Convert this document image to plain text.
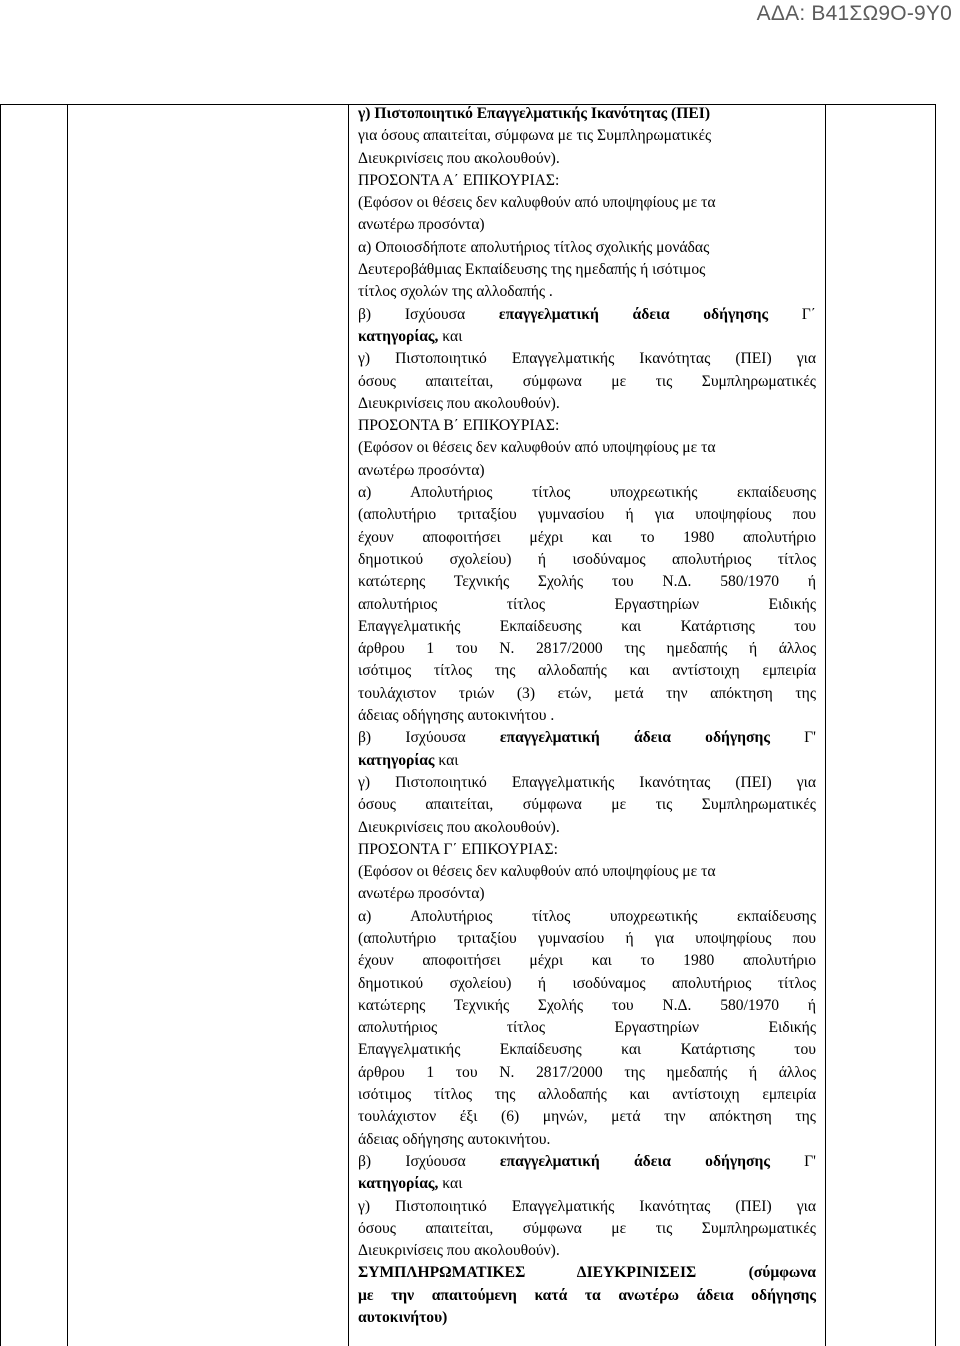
ΑΔΑ: Β41ΣΩ9Ο-9Υ0

γ) Πιστοποιητικό Επαγγελματικής Ικανότητας (ΠΕΙ)

για όσους απαιτείται, σύμφωνα με τις Συμπληρωματικές

Διευκρινίσεις που ακολουθούν).

ΠΡΟΣΟΝΤΑ Α΄ ΕΠΙΚΟΥΡΙΑΣ:

(Εφόσον οι θέσεις δεν καλυφθούν από υποψηφίους με τα

ανωτέρω προσόντα)

α) Οποιοσδήποτε απολυτήριος τίτλος σχολικής μονάδας

Δευτεροβάθμιας Εκπαίδευσης της ημεδαπής ή ισότιμος

τίτλος σχολών της αλλοδαπής .

β) Ισχύουσα επαγγελματική άδεια οδήγησης Γ΄

κατηγορίας, και

γ) Πιστοποιητικό Επαγγελματικής Ικανότητας (ΠΕΙ) για

όσους απαιτείται, σύμφωνα με τις Συμπληρωματικές

Διευκρινίσεις που ακολουθούν).

ΠΡΟΣΟΝΤΑ Β΄ ΕΠΙΚΟΥΡΙΑΣ:

(Εφόσον οι θέσεις δεν καλυφθούν από υποψηφίους με τα

ανωτέρω προσόντα)

α) Απολυτήριος τίτλος υποχρεωτικής εκπαίδευσης

(απολυτήριο τριταξίου γυμνασίου ή για υποψηφίους που

έχουν αποφοιτήσει μέχρι και το 1980 απολυτήριο

δημοτικού σχολείου) ή ισοδύναμος απολυτήριος τίτλος

κατώτερης Τεχνικής Σχολής του Ν.Δ. 580/1970 ή

απολυτήριος τίτλος Εργαστηρίων Ειδικής

Επαγγελματικής Εκπαίδευσης και Κατάρτισης του

άρθρου 1 του Ν. 2817/2000 της ημεδαπής ή άλλος

ισότιμος τίτλος της αλλοδαπής και αντίστοιχη εμπειρία

τουλάχιστον τριών (3) ετών, μετά την απόκτηση της

άδειας οδήγησης αυτοκινήτου .

β) Ισχύουσα επαγγελματική άδεια οδήγησης Γ'

κατηγορίας και

γ) Πιστοποιητικό Επαγγελματικής Ικανότητας (ΠΕΙ) για

όσους απαιτείται, σύμφωνα με τις Συμπληρωματικές

Διευκρινίσεις που ακολουθούν).

ΠΡΟΣΟΝΤΑ Γ΄ ΕΠΙΚΟΥΡΙΑΣ:

(Εφόσον οι θέσεις δεν καλυφθούν από υποψηφίους με τα

ανωτέρω προσόντα)

α) Απολυτήριος τίτλος υποχρεωτικής εκπαίδευσης

(απολυτήριο τριταξίου γυμνασίου ή για υποψηφίους που

έχουν αποφοιτήσει μέχρι και το 1980 απολυτήριο

δημοτικού σχολείου) ή ισοδύναμος απολυτήριος τίτλος

κατώτερης Τεχνικής Σχολής του Ν.Δ. 580/1970 ή

απολυτήριος τίτλος Εργαστηρίων Ειδικής

Επαγγελματικής Εκπαίδευσης και Κατάρτισης του

άρθρου 1 του Ν. 2817/2000 της ημεδαπής ή άλλος

ισότιμος τίτλος της αλλοδαπής και αντίστοιχη εμπειρία

τουλάχιστον έξι (6) μηνών, μετά την απόκτηση της

άδειας οδήγησης αυτοκινήτου.

β) Ισχύουσα επαγγελματική άδεια οδήγησης Γ'

κατηγορίας, και

γ) Πιστοποιητικό Επαγγελματικής Ικανότητας (ΠΕΙ) για

όσους απαιτείται, σύμφωνα με τις Συμπληρωματικές

Διευκρινίσεις που ακολουθούν).

ΣΥΜΠΛΗΡΩΜΑΤΙΚΕΣ ΔΙΕΥΚΡΙΝΙΣΕΙΣ (σύμφωνα

με την απαιτούμενη κατά τα ανωτέρω άδεια οδήγησης

αυτοκινήτου)
